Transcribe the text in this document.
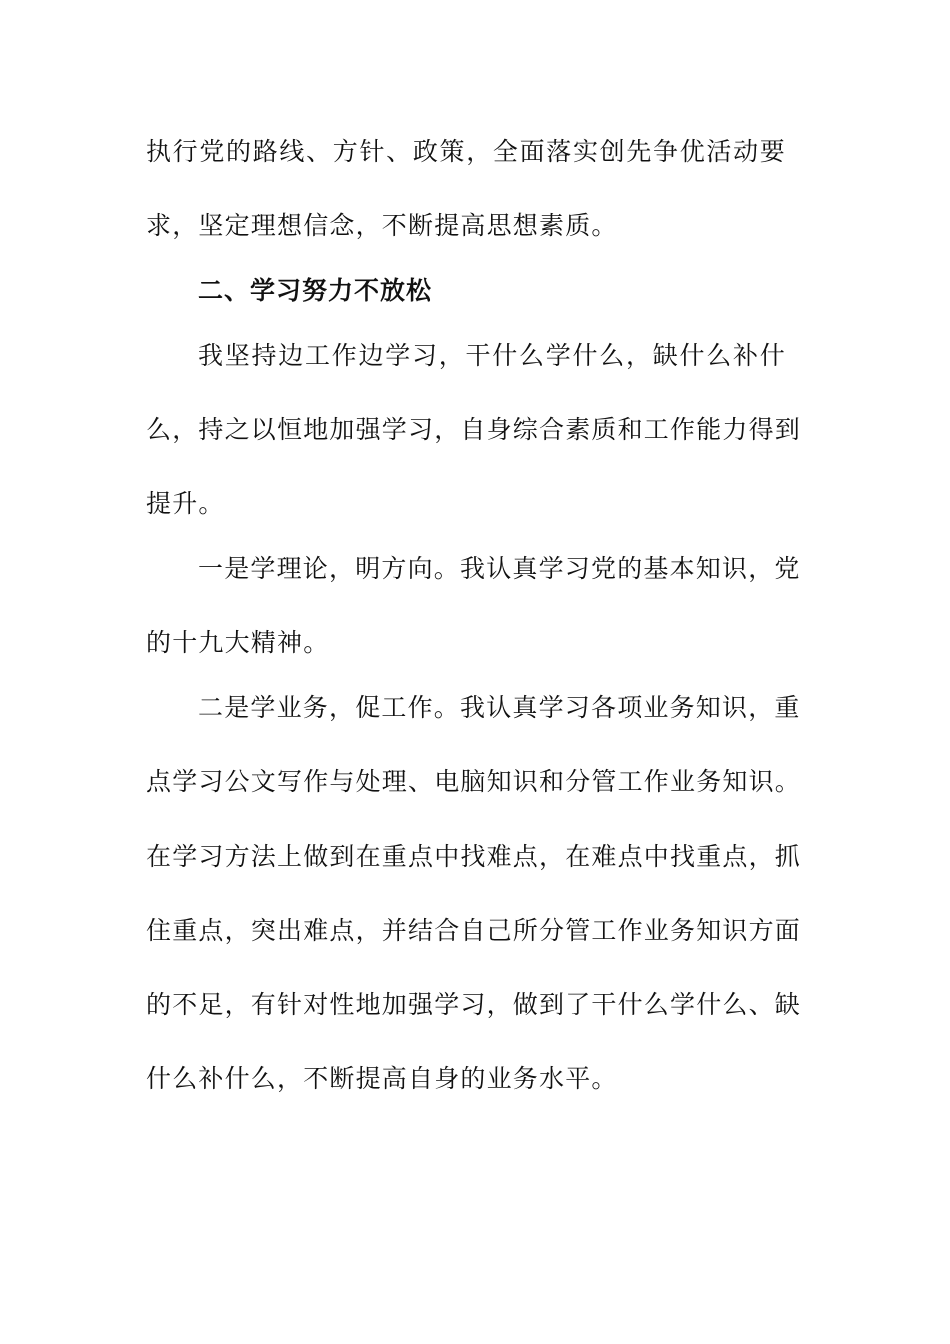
执行党的路线、方针、政策，全面落实创先争优活动要
求，坚定理想信念，不断提高思想素质。
二、学习努力不放松
我坚持边工作边学习，干什么学什么，缺什么补什
么，持之以恒地加强学习，自身综合素质和工作能力得到
提升。
一是学理论，明方向。我认真学习党的基本知识，党
的十九大精神。
二是学业务，促工作。我认真学习各项业务知识，重
点学习公文写作与处理、电脑知识和分管工作业务知识。
在学习方法上做到在重点中找难点，在难点中找重点，抓
住重点，突出难点，并结合自己所分管工作业务知识方面
的不足，有针对性地加强学习，做到了干什么学什么、缺
什么补什么，不断提高自身的业务水平。
